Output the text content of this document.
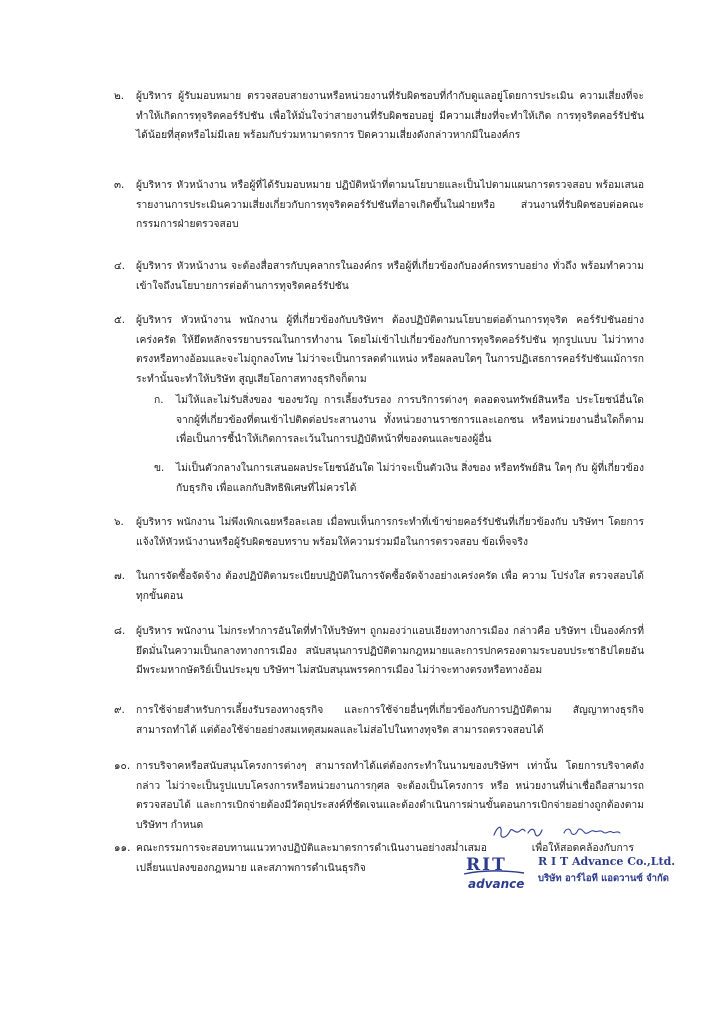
๒.	ผู้บริหาร ผู้รับมอบหมาย ตรวจสอบสายงานหรือหน่วยงานที่รับผิดชอบที่กำกับดูแลอยู่โดยการประเมิน ความเสี่ยงที่จะทำให้เกิดการทุจริตคอร์รัปชัน เพื่อให้มั่นใจว่าสายงานที่รับผิดชอบอยู่ มีความเสี่ยงที่จะทำให้เกิด การทุจริตคอร์รัปชันได้น้อยที่สุดหรือไม่มีเลย พร้อมกับร่วมหามาตรการ ปิดความเสี่ยงดังกล่าวหากมีในองค์กร
๓.	ผู้บริหาร หัวหน้างาน หรือผู้ที่ได้รับมอบหมาย ปฏิบัติหน้าที่ตามนโยบายและเป็นไปตามแผนการตรวจสอบ พร้อมเสนอรายงานการประเมินความเสี่ยงเกี่ยวกับการทุจริตคอร์รัปชันที่อาจเกิดขึ้นในฝ่ายหรือ ส่วนงานที่รับผิดชอบต่อคณะกรรมการฝ่ายตรวจสอบ
๔.	ผู้บริหาร หัวหน้างาน จะต้องสื่อสารกับบุคลากรในองค์กร หรือผู้ที่เกี่ยวข้องกับองค์กรทราบอย่าง ทั่วถึง พร้อมทำความเข้าใจถึงนโยบายการต่อต้านการทุจริตคอร์รัปชัน
๕.	ผู้บริหาร หัวหน้างาน พนักงาน ผู้ที่เกี่ยวข้องกับบริษัทฯ ต้องปฏิบัติตามนโยบายต่อต้านการทุจริต คอร์รัปชันอย่างเคร่งครัด ให้ยึดหลักจรรยาบรรณในการทำงาน โดยไม่เข้าไปเกี่ยวข้องกับการทุจริตคอร์รัปชัน ทุกรูปแบบ ไม่ว่าทางตรงหรือทางอ้อมและจะไม่ถูกลงโทษ ไม่ว่าจะเป็นการลดตำแหน่ง หรือผลลบใดๆ ในการปฏิเสธการคอร์รัปชันแม้การกระทำนั้นจะทำให้บริษัท สูญเสียโอกาสทางธุรกิจก็ตาม
ก.	ไม่ให้และไม่รับสิ่งของ ของขวัญ การเลี้ยงรับรอง การบริการต่างๆ ตลอดจนทรัพย์สินหรือ ประโยชน์อื่นใดจากผู้ที่เกี่ยวข้องที่ตนเข้าไปติดต่อประสานงาน ทั้งหน่วยงานราชการและเอกชน หรือหน่วยงานอื่นใดก็ตาม เพื่อเป็นการชี้นำให้เกิดการละเว้นในการปฏิบัติหน้าที่ของตนและของผู้อื่น
ข.	ไม่เป็นตัวกลางในการเสนอผลประโยชน์อันใด ไม่ว่าจะเป็นตัวเงิน สิ่งของ หรือทรัพย์สิน ใดๆ กับ ผู้ที่เกี่ยวข้องกับธุรกิจ เพื่อแลกกับสิทธิพิเศษที่ไม่ควรได้
๖.	ผู้บริหาร พนักงาน ไม่พึงเพิกเฉยหรือละเลย เมื่อพบเห็นการกระทำที่เข้าข่ายคอร์รัปชันที่เกี่ยวข้องกับ บริษัทฯ โดยการแจ้งให้หัวหน้างานหรือผู้รับผิดชอบทราบ พร้อมให้ความร่วมมือในการตรวจสอบ ข้อเท็จจริง
๗.	ในการจัดซื้อจัดจ้าง ต้องปฏิบัติตามระเบียบปฏิบัติในการจัดซื้อจัดจ้างอย่างเคร่งครัด เพื่อ ความ โปร่งใส ตรวจสอบได้ทุกขั้นตอน
๘.	ผู้บริหาร พนักงาน ไม่กระทำการอันใดที่ทำให้บริษัทฯ ถูกมองว่าแอบเอียงทางการเมือง กล่าวคือ บริษัทฯ เป็นองค์กรที่ยึดมั่นในความเป็นกลางทางการเมือง สนับสนุนการปฏิบัติตามกฎหมายและการปกครองตามระบอบประชาธิปไตยอันมีพระมหากษัตริย์เป็นประมุข บริษัทฯ ไม่สนับสนุนพรรคการเมือง ไม่ว่าจะทางตรงหรือทางอ้อม
๙.	การใช้จ่ายสำหรับการเลี้ยงรับรองทางธุรกิจ และการใช้จ่ายอื่นๆที่เกี่ยวข้องกับการปฏิบัติตาม สัญญาทางธุรกิจสามารถทำได้ แต่ต้องใช้จ่ายอย่างสมเหตุสมผลและไม่ส่อไปในทางทุจริต สามารถตรวจสอบได้
๑๐. การบริจาคหรือสนับสนุนโครงการต่างๆ สามารถทำได้แต่ต้องกระทำในนามของบริษัทฯ เท่านั้น โดยการบริจาคดังกล่าว ไม่ว่าจะเป็นรูปแบบโครงการหรือหน่วยงานการกุศล จะต้องเป็นโครงการ หรือ หน่วยงานที่น่าเชื่อถือสามารถตรวจสอบได้ และการเบิกจ่ายต้องมีวัตถุประสงค์ที่ชัดเจนและต้องดำเนินการผ่านขั้นตอนการเบิกจ่ายอย่างถูกต้องตามบริษัทฯ กำหนด
๑๑. คณะกรรมการจะสอบทานแนวทางปฏิบัติและมาตรการดำเนินงานอย่างสม่ำเสมอ เพื่อให้สอดคล้องกับการเปลี่ยนแปลงของกฎหมาย และสภาพการดำเนินธุรกิจ	RIT
advance
R I T Advance Co.,Ltd.
บริษัท อาร์ไอที แอดวานซ์ จำกัด
